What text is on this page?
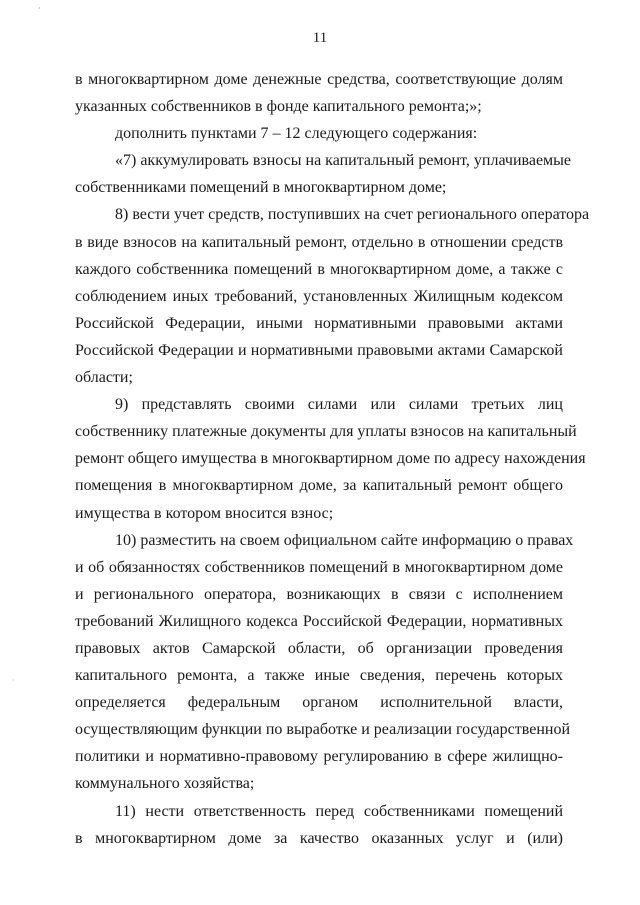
‘
·
11
в многоквартирном доме денежные средства, соответствующие долям
указанных собственников в фонде капитального ремонта;»;
дополнить пунктами 7 – 12 следующего содержания:
«7) аккумулировать взносы на капитальный ремонт, уплачиваемые
собственниками помещений в многоквартирном доме;
8) вести учет средств, поступивших на счет регионального оператора
в виде взносов на капитальный ремонт, отдельно в отношении средств
каждого собственника помещений в многоквартирном доме, а также с
соблюдением иных требований, установленных Жилищным кодексом
Российской Федерации, иными нормативными правовыми актами
Российской Федерации и нормативными правовыми актами Самарской
области;
9) представлять своими силами или силами третьих лиц
собственнику платежные документы для уплаты взносов на капитальный
ремонт общего имущества в многоквартирном доме по адресу нахождения
помещения в многоквартирном доме, за капитальный ремонт общего
имущества в котором вносится взнос;
10) разместить на своем официальном сайте информацию о правах
и об обязанностях собственников помещений в многоквартирном доме
и регионального оператора, возникающих в связи с исполнением
требований Жилищного кодекса Российской Федерации, нормативных
правовых актов Самарской области, об организации проведения
капитального ремонта, а также иные сведения, перечень которых
определяется федеральным органом исполнительной власти,
осуществляющим функции по выработке и реализации государственной
политики и нормативно-правовому регулированию в сфере жилищно-
коммунального хозяйства;
11) нести ответственность перед собственниками помещений
в многоквартирном доме за качество оказанных услуг и (или)
